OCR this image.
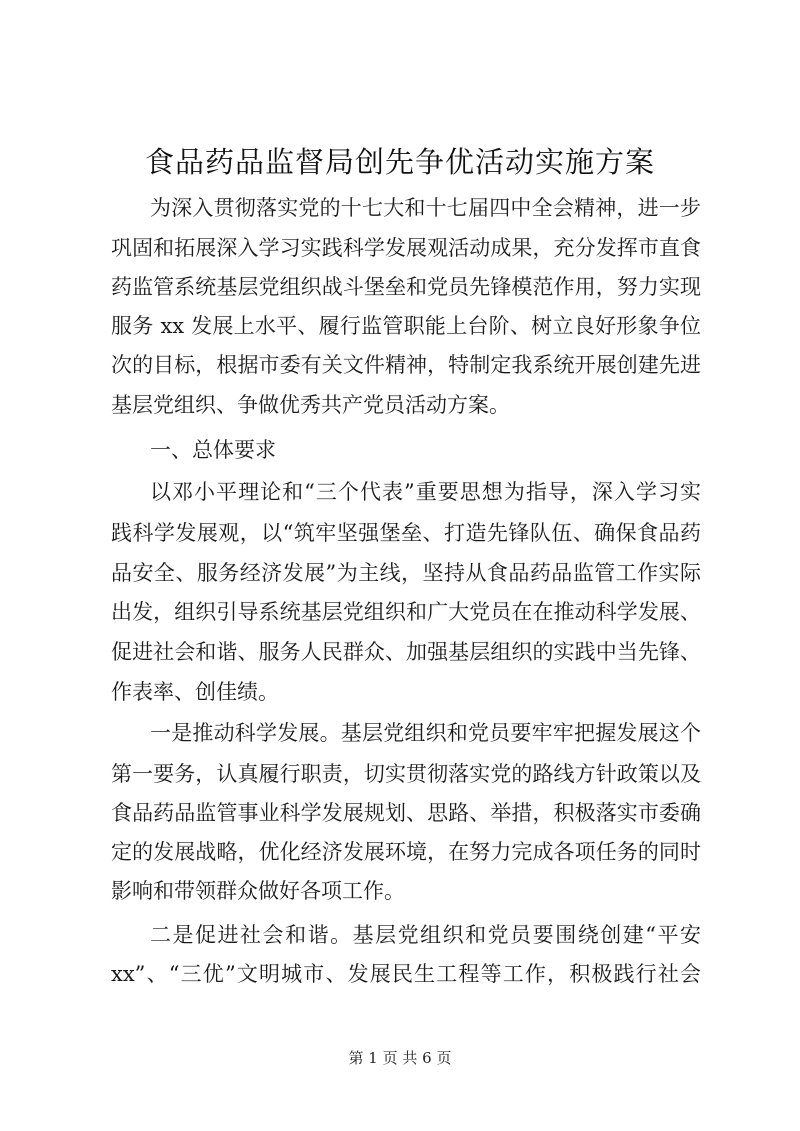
食品药品监督局创先争优活动实施方案
为深入贯彻落实党的十七大和十七届四中全会精神，进一步
巩固和拓展深入学习实践科学发展观活动成果，充分发挥市直食
药监管系统基层党组织战斗堡垒和党员先锋模范作用，努力实现
服务 xx 发展上水平、履行监管职能上台阶、树立良好形象争位
次的目标，根据市委有关文件精神，特制定我系统开展创建先进
基层党组织、争做优秀共产党员活动方案。
一、总体要求
以邓小平理论和“三个代表”重要思想为指导，深入学习实
践科学发展观，以“筑牢坚强堡垒、打造先锋队伍、确保食品药
品安全、服务经济发展”为主线，坚持从食品药品监管工作实际
出发，组织引导系统基层党组织和广大党员在在推动科学发展、
促进社会和谐、服务人民群众、加强基层组织的实践中当先锋、
作表率、创佳绩。
一是推动科学发展。基层党组织和党员要牢牢把握发展这个
第一要务，认真履行职责，切实贯彻落实党的路线方针政策以及
食品药品监管事业科学发展规划、思路、举措，积极落实市委确
定的发展战略，优化经济发展环境，在努力完成各项任务的同时
影响和带领群众做好各项工作。
二是促进社会和谐。基层党组织和党员要围绕创建“平安
xx”、“三优”文明城市、发展民生工程等工作，积极践行社会
第 1 页 共 6 页
